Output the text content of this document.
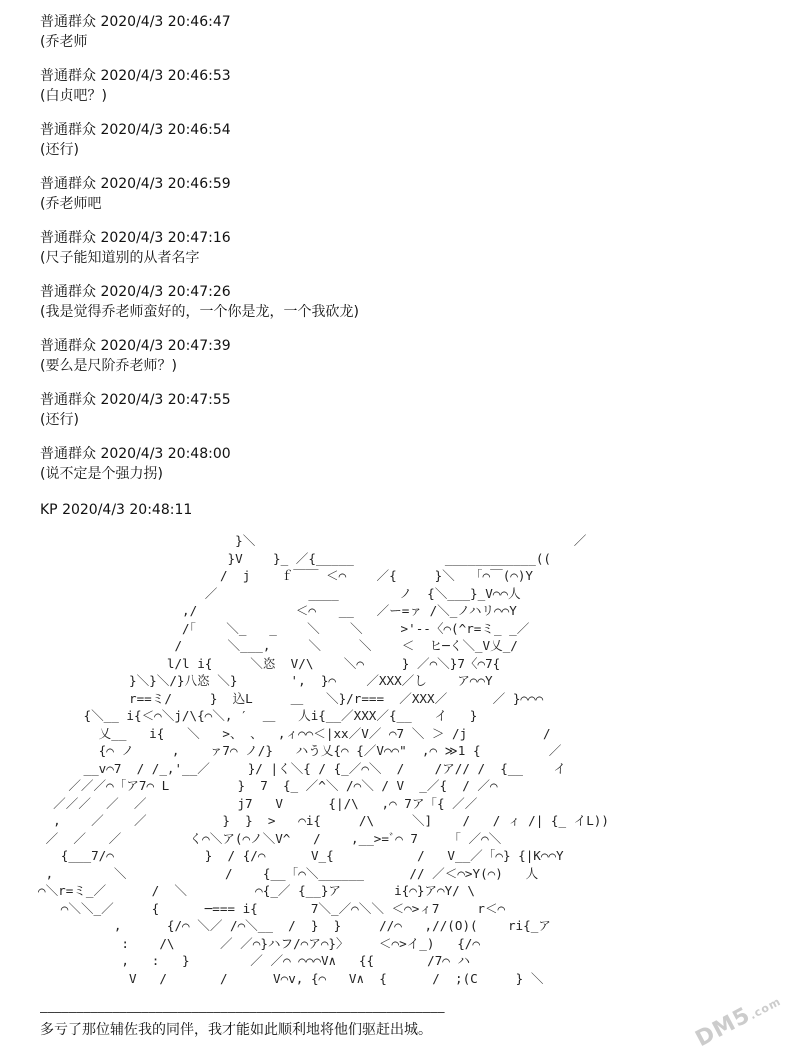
普通群众 2020/4/3 20:46:47
(乔老师
普通群众 2020/4/3 20:46:53
(白贞吧？)
普通群众 2020/4/3 20:46:54
(还行)
普通群众 2020/4/3 20:46:59
(乔老师吧
普通群众 2020/4/3 20:47:16
(尺子能知道别的从者名字
普通群众 2020/4/3 20:47:26
(我是觉得乔老师蛮好的，一个你是龙，一个我砍龙)
普通群众 2020/4/3 20:47:39
(要么是尺阶乔老师？)
普通群众 2020/4/3 20:47:55
(还行)
普通群众 2020/4/3 20:48:00
(说不定是个强力拐)
KP 2020/4/3 20:48:11
}＼                                          ／
}V    }_ ／{_____            ____________((
/  j    ｆ￣￣ ＜⌒    ／{     }＼  「⌒￣(⌒)Y
／            ____        ノ  {＼___}_V⌒⌒人
,/             ＜⌒   __   ／ー=ァ /＼_ノハリ⌒⌒Y
/｢    ＼_   _    ＼    ＼     >'‐-〈⌒(^r=ミ_ _／
/      ＼___,     ＼     ＼    ＜  ヒ─く＼_V乂_/
l/l i{     ＼恣  V/\    ＼⌒     } ／⌒＼}7〈⌒7{
}＼}＼/}八恣 ＼}       ',  }⌒    ／XXX／し    ア⌒⌒Y
r==ミ/     }  込L     ＿   ＼}/r===  ／XXX／      ／ }⌒⌒⌒
{＼__ i{＜⌒＼j/\{⌒＼, ′  ＿   人i{__／XXX／{__   イ   }
乂__   i{   ＼   >、 、  ,ィ⌒⌒＜|xx／V／ ⌒7 ＼ ＞ /j          /
{⌒ ノ     ,    ァ7⌒ ノ/}   ハう乂{⌒ {／V⌒⌒"  ,⌒ ≫1 {         ／
__v⌒7  / /_,'__／     }/ |く＼{ / {_／⌒＼  /    /ア// /  {__    イ
／／／⌒「ア7⌒ L         }  7  {_ ／^＼ /⌒＼ / V  _／{  / ／⌒
／／／  ／  ／            j7   V      {|/\   ,⌒ 7ア「{ ／／
,    ／    ／          }  }  >   ⌒i{     /\     ＼]    /   / ィ /| {_ イL))
／  ／   ／         く⌒＼ア(⌒ノ＼V^   /    ,__>=ﾞ⌒ 7    「 ／⌒＼
{___7/⌒            }  / {/⌒      V_{           /   V__／「⌒} {|K⌒⌒Y
,        ＼             /    {__「⌒＼______      // ／＜⌒>Y(⌒)   人
⌒＼r=ミ_／      /  ＼         ⌒{_／ {__}ア       i{⌒}ア⌒Y/ \
⌒＼＼_／     {      ─=== i{       7＼_／⌒＼＼ ＜⌒>ィ7     r＜⌒
,      {/⌒ ＼／ /⌒＼__  /  }  }     //⌒   ,//(O)(    ri{_ア
:    /\      ／ ／⌒}ハフ/⌒ア⌒}〉    ＜⌒>イ_)   {/⌒
,   :   }        ／ ／⌒ ⌒⌒⌒V∧   {{       /7⌒ ハ
V   /       /      V⌒v, {⌒   V∧  {      /  ;(C     } ＼
————————————————————————————————————————————————————————
多亏了那位辅佐我的同伴，我才能如此顺利地将他们驱赶出城。	DM5.com
